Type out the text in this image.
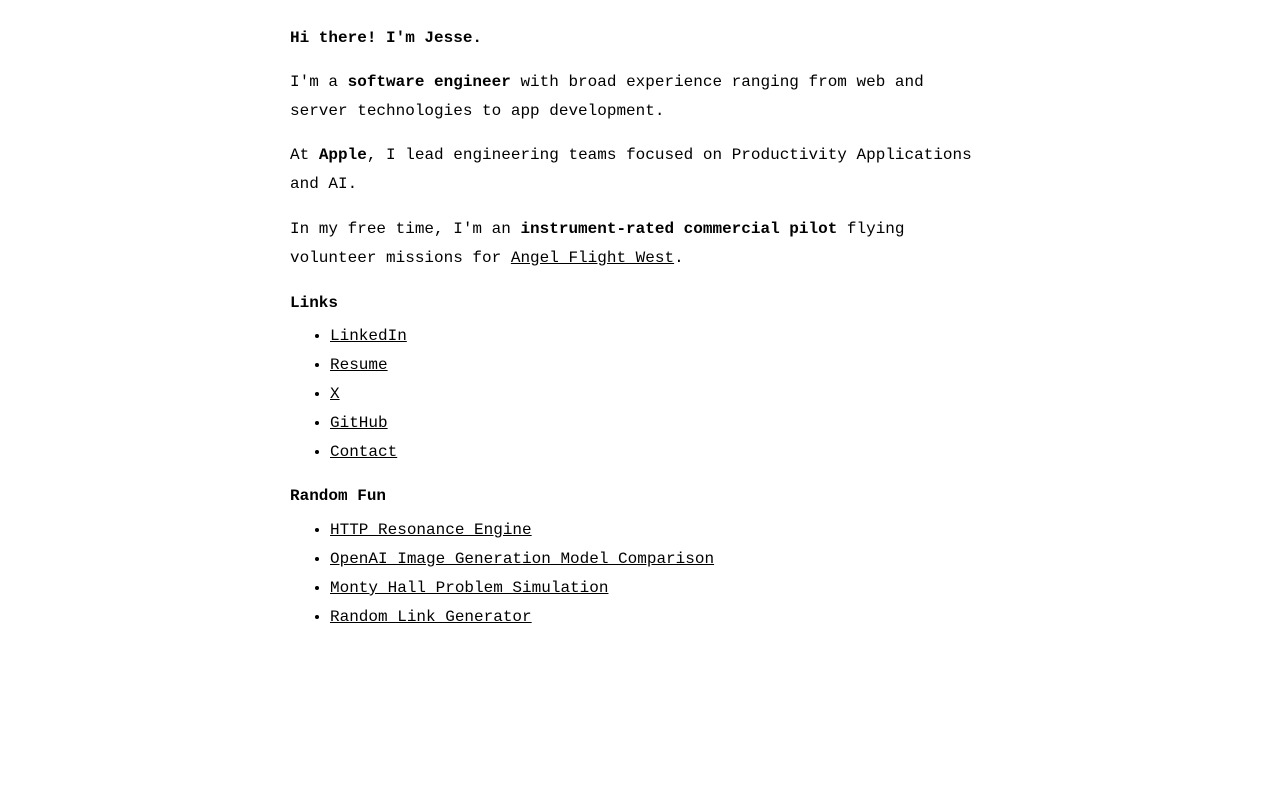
Hi there! I'm Jesse.

I'm a software engineer with broad experience ranging from web and server technologies to app development.

At Apple, I lead engineering teams focused on Productivity Applications and AI.

In my free time, I'm an instrument-rated commercial pilot flying volunteer missions for Angel Flight West.

Links

• LinkedIn
• Resume
• X
• GitHub
• Contact

Random Fun

• HTTP Resonance Engine
• OpenAI Image Generation Model Comparison
• Monty Hall Problem Simulation
• Random Link Generator
